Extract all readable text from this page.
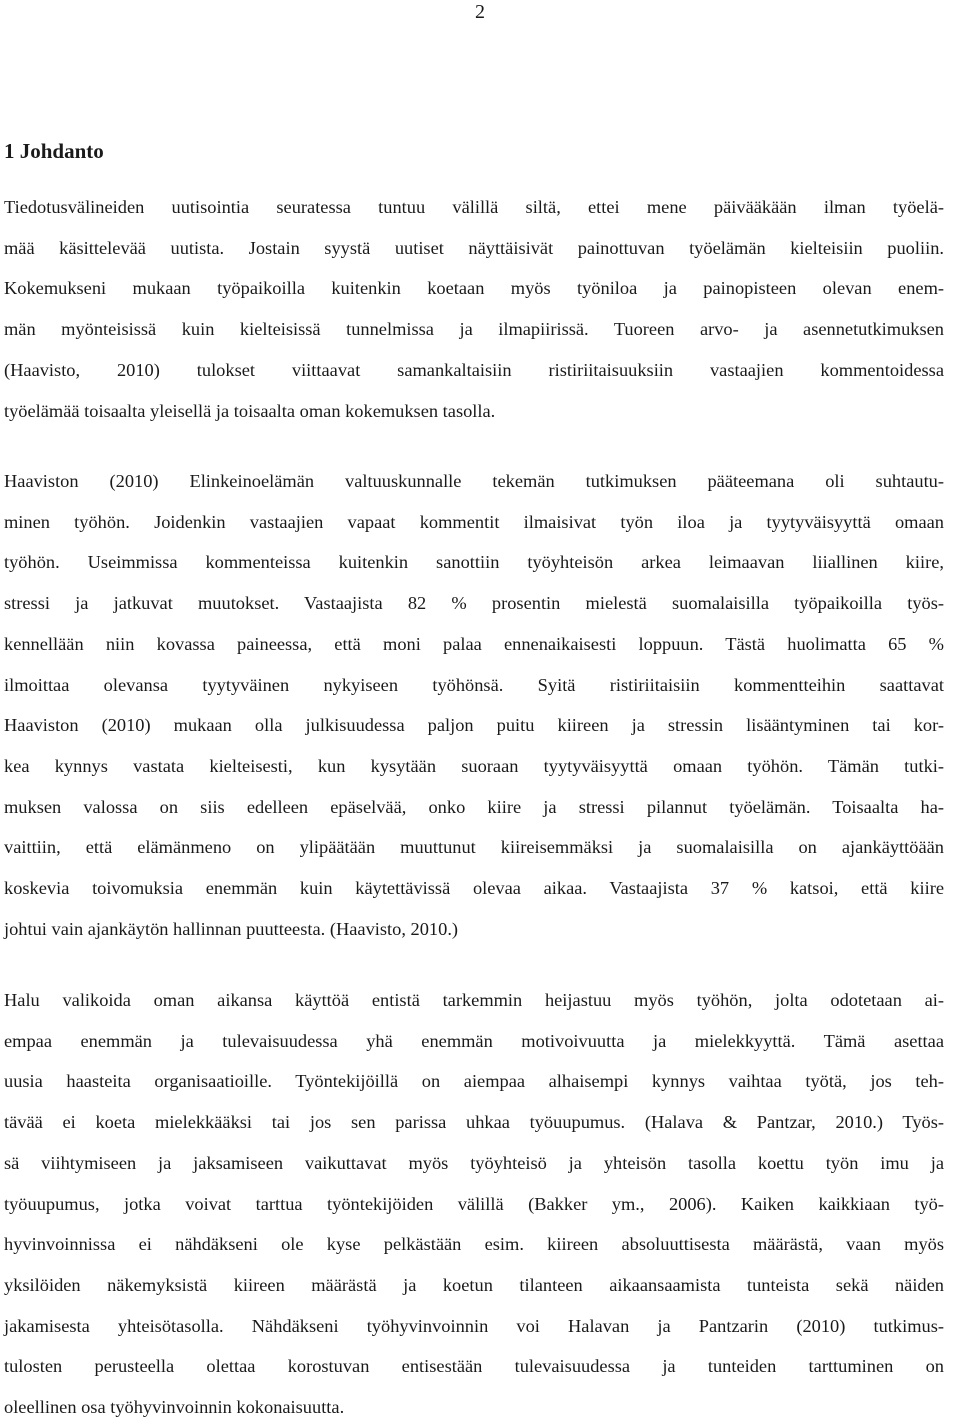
2
1 Johdanto

Tiedotusvälineiden uutisointia seuratessa tuntuu välillä siltä, ettei mene päivääkään ilman työelä-
mää käsittelevää uutista. Jostain syystä uutiset näyttäisivät painottuvan työelämän kielteisiin puoliin.
Kokemukseni mukaan työpaikoilla kuitenkin koetaan myös työniloa ja painopisteen olevan enem-
män myönteisissä kuin kielteisissä tunnelmissa ja ilmapiirissä. Tuoreen arvo- ja asennetutkimuksen
(Haavisto, 2010) tulokset viittaavat samankaltaisiin ristiriitaisuuksiin vastaajien kommentoidessa
työelämää toisaalta yleisellä ja toisaalta oman kokemuksen tasolla.

Haaviston (2010) Elinkeinoelämän valtuuskunnalle tekemän tutkimuksen pääteemana oli suhtautu-
minen työhön. Joidenkin vastaajien vapaat kommentit ilmaisivat työn iloa ja tyytyväisyyttä omaan
työhön. Useimmissa kommenteissa kuitenkin sanottiin työyhteisön arkea leimaavan liiallinen kiire,
stressi ja jatkuvat muutokset. Vastaajista 82 % prosentin mielestä suomalaisilla työpaikoilla työs-
kennellään niin kovassa paineessa, että moni palaa ennenaikaisesti loppuun. Tästä huolimatta 65 %
ilmoittaa olevansa tyytyväinen nykyiseen työhönsä. Syitä ristiriitaisiin kommentteihin saattavat
Haaviston (2010) mukaan olla julkisuudessa paljon puitu kiireen ja stressin lisääntyminen tai kor-
kea kynnys vastata kielteisesti, kun kysytään suoraan tyytyväisyyttä omaan työhön. Tämän tutki-
muksen valossa on siis edelleen epäselvää, onko kiire ja stressi pilannut työelämän. Toisaalta ha-
vaittiin, että elämänmeno on ylipäätään muuttunut kiireisemmäksi ja suomalaisilla on ajankäyttöään
koskevia toivomuksia enemmän kuin käytettävissä olevaa aikaa. Vastaajista 37 % katsoi, että kiire
johtui vain ajankäytön hallinnan puutteesta. (Haavisto, 2010.)

Halu valikoida oman aikansa käyttöä entistä tarkemmin heijastuu myös työhön, jolta odotetaan ai-
empaa enemmän ja tulevaisuudessa yhä enemmän motivoivuutta ja mielekkyyttä. Tämä asettaa
uusia haasteita organisaatioille. Työntekijöillä on aiempaa alhaisempi kynnys vaihtaa työtä, jos teh-
tävää ei koeta mielekkääksi tai jos sen parissa uhkaa työuupumus. (Halava & Pantzar, 2010.) Työs-
sä viihtymiseen ja jaksamiseen vaikuttavat myös työyhteisö ja yhteisön tasolla koettu työn imu ja
työuupumus, jotka voivat tarttua työntekijöiden välillä (Bakker ym., 2006). Kaiken kaikkiaan työ-
hyvinvoinnissa ei nähdäkseni ole kyse pelkästään esim. kiireen absoluuttisesta määrästä, vaan myös
yksilöiden näkemyksistä kiireen määrästä ja koetun tilanteen aikaansaamista tunteista sekä näiden
jakamisesta yhteisötasolla. Nähdäkseni työhyvinvoinnin voi Halavan ja Pantzarin (2010) tutkimus-
tulosten perusteella olettaa korostuvan entisestään tulevaisuudessa ja tunteiden tarttuminen on
oleellinen osa työhyvinvoinnin kokonaisuutta.
